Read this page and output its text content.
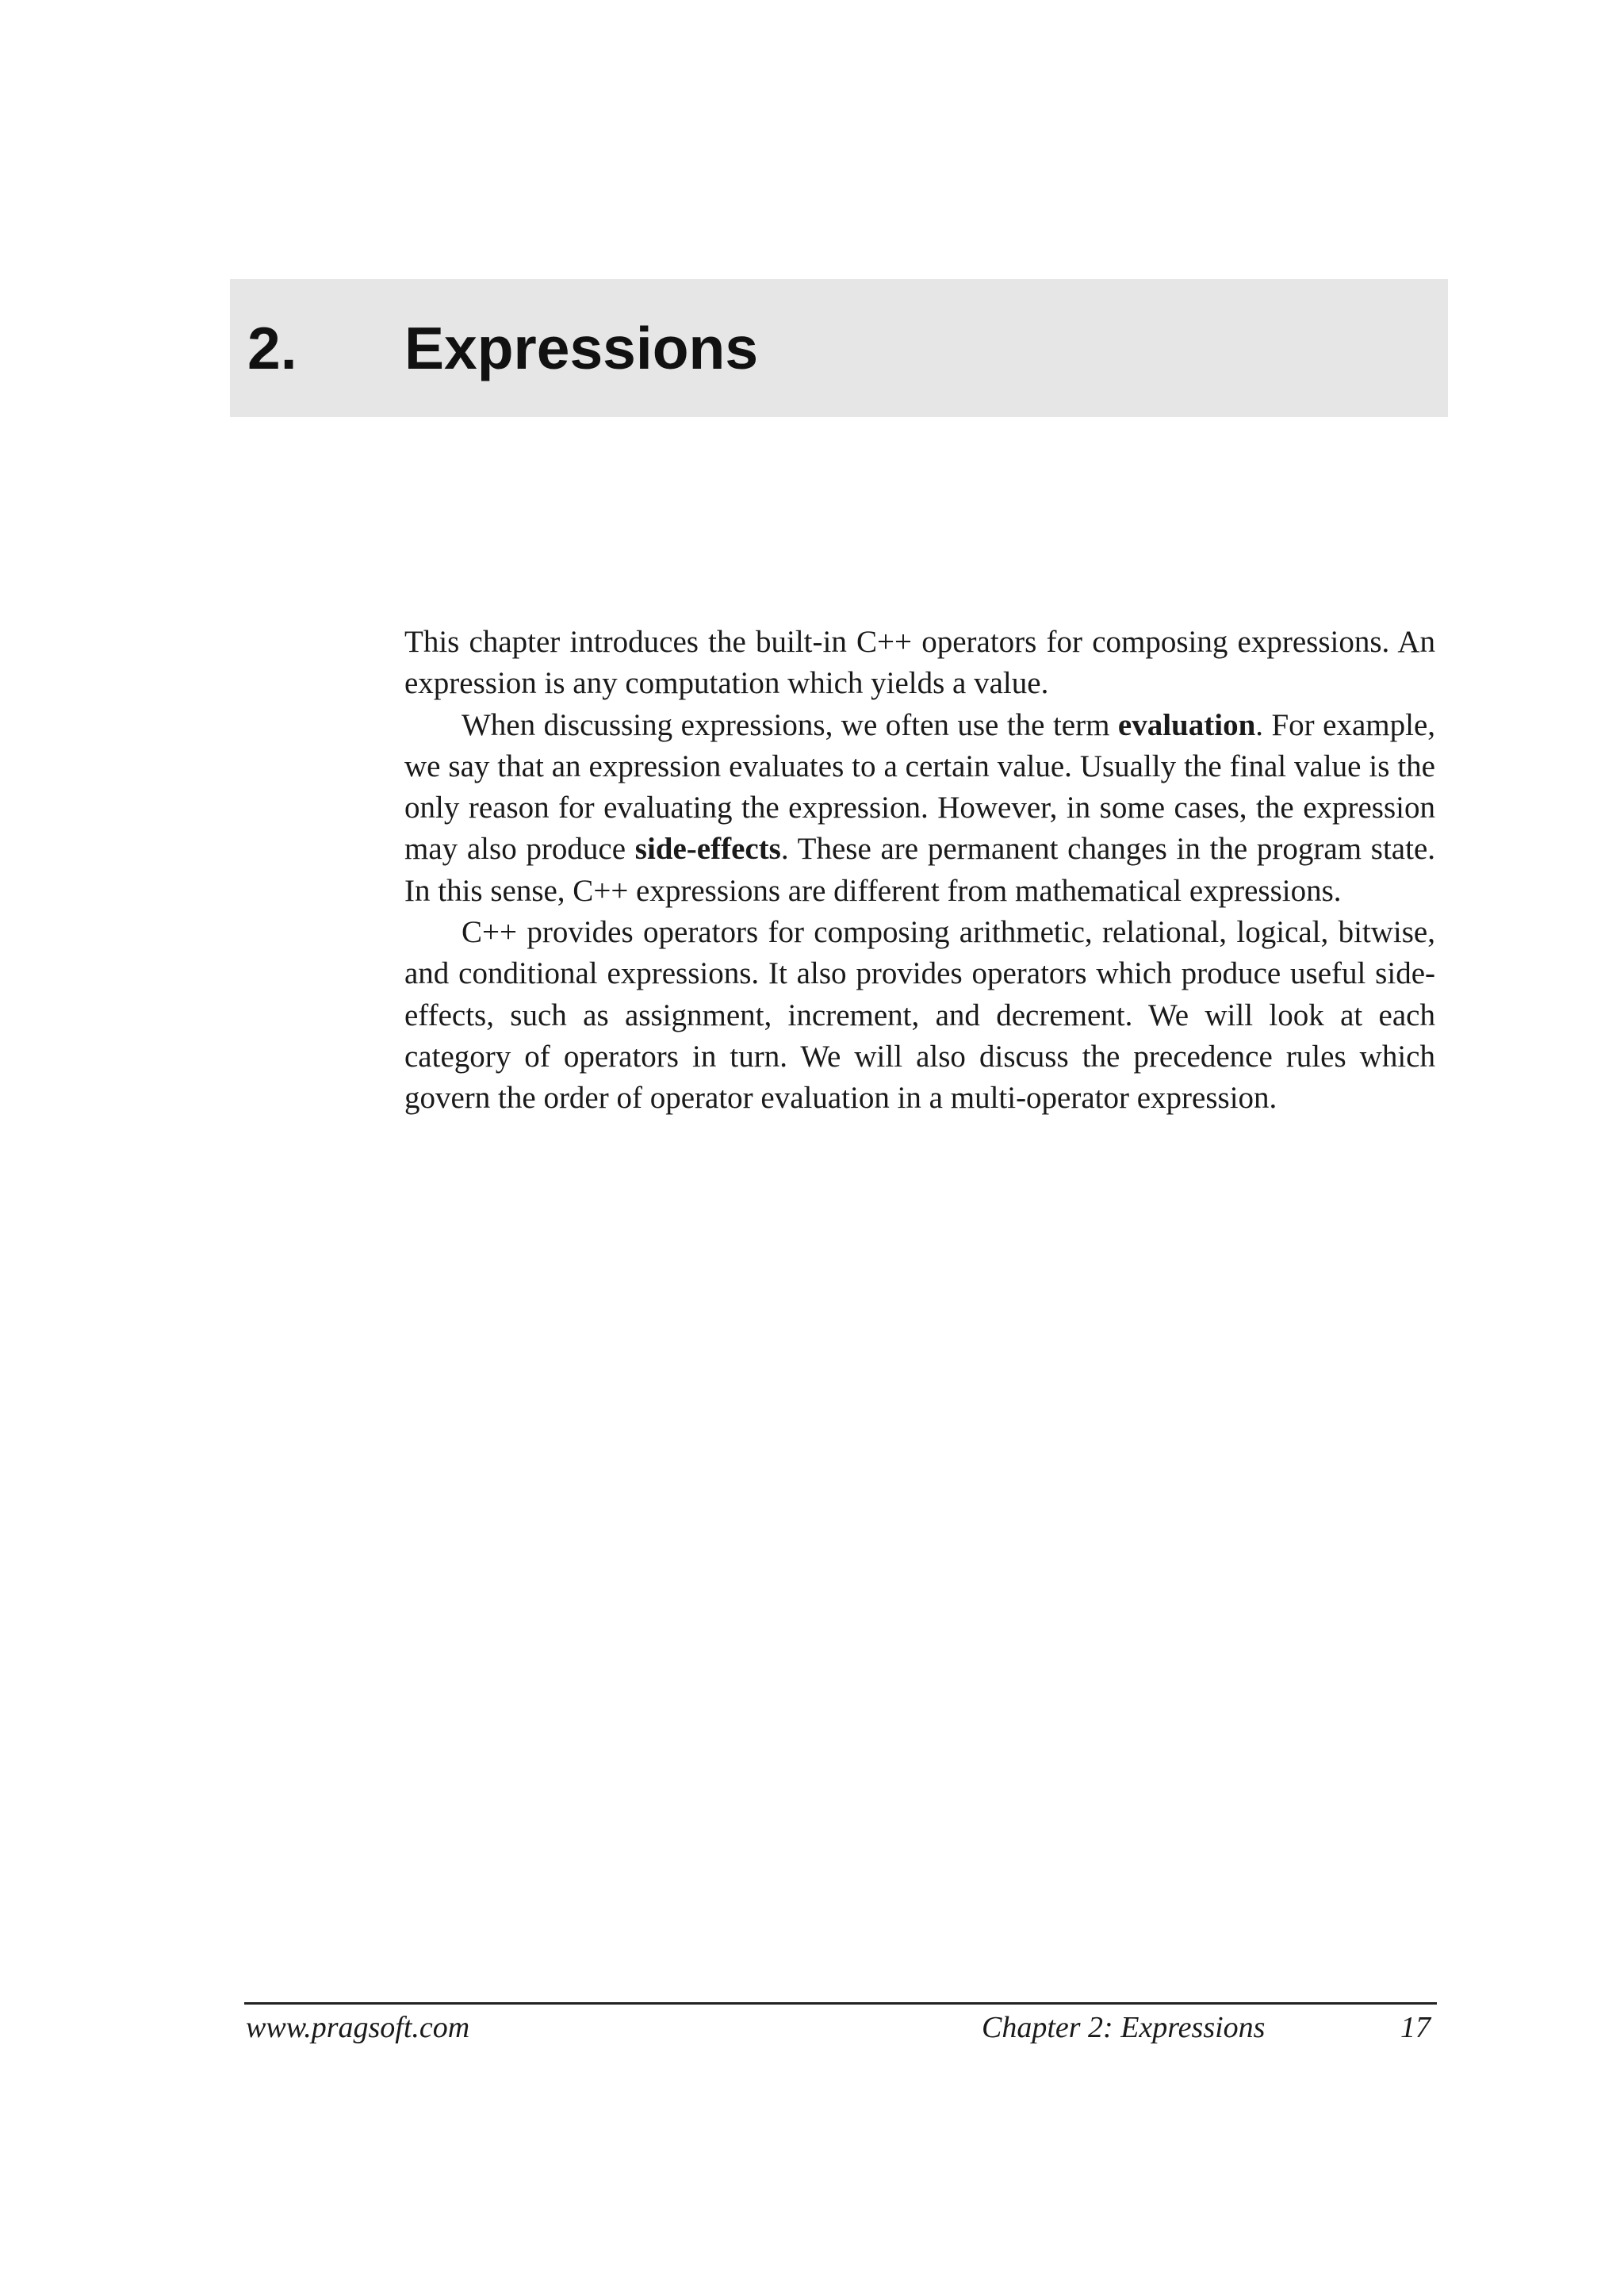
2. Expressions

This chapter introduces the built-in C++ operators for composing expressions. An expression is any computation which yields a value.

When discussing expressions, we often use the term evaluation. For example, we say that an expression evaluates to a certain value. Usually the final value is the only reason for evaluating the expression. However, in some cases, the expression may also produce side-effects. These are permanent changes in the program state. In this sense, C++ expressions are different from mathematical expressions.

C++ provides operators for composing arithmetic, relational, logical, bitwise, and conditional expressions. It also provides operators which produce useful side-effects, such as assignment, increment, and decrement. We will look at each category of operators in turn. We will also discuss the precedence rules which govern the order of operator evaluation in a multi-operator expression.

www.pragsoft.com	Chapter 2: Expressions	17
